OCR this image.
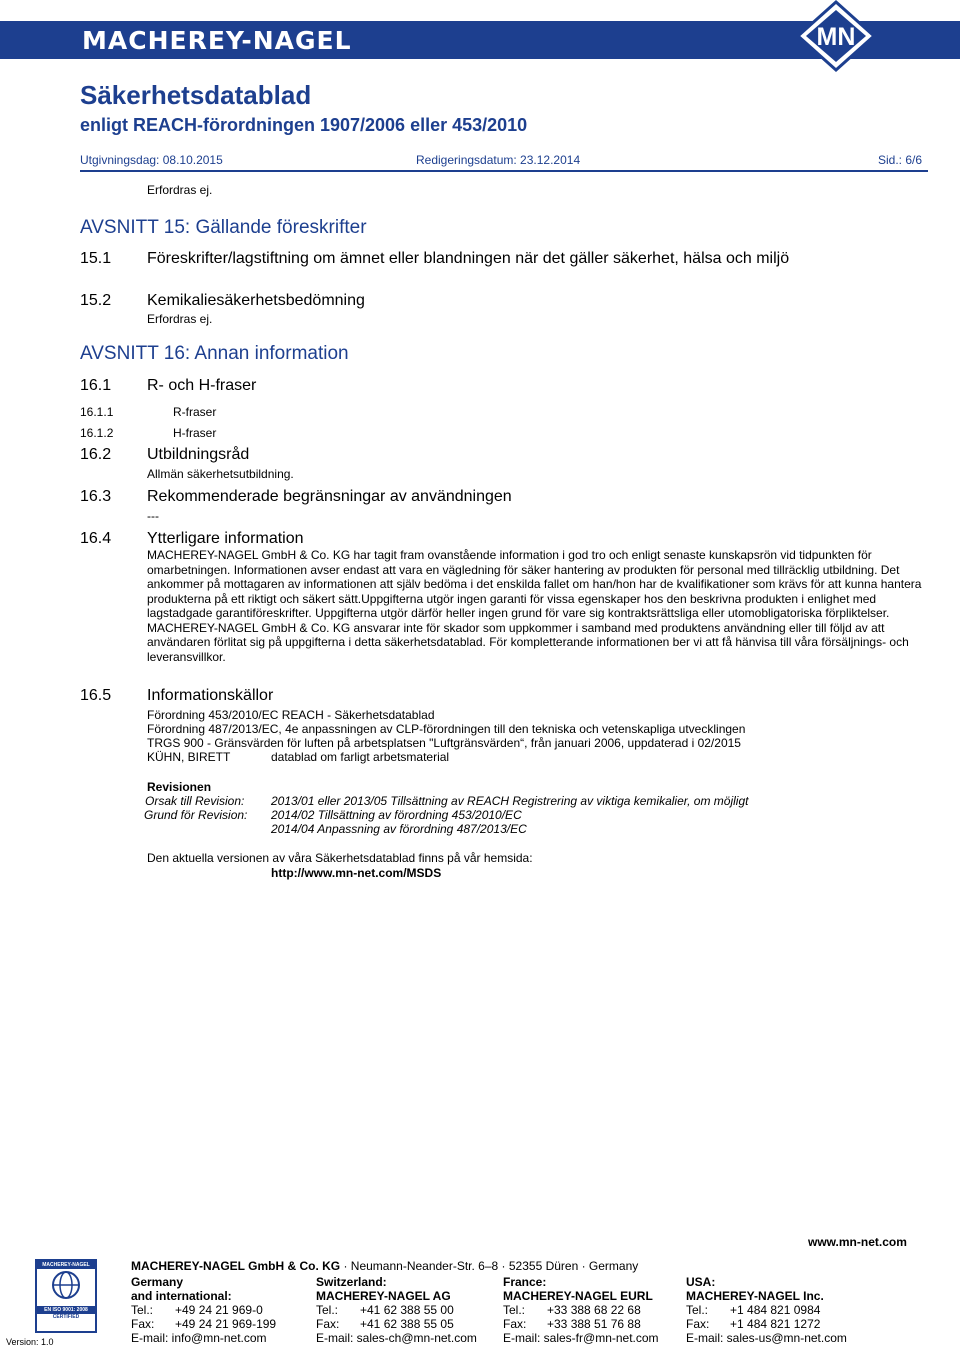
MACHEREY-NAGEL	MN
Säkerhetsdatablad
enligt REACH-förordningen 1907/2006 eller 453/2010
Utgivningsdag: 08.10.2015	Redigeringsdatum: 23.12.2014	Sid.: 6/6
Erfordras ej.
AVSNITT 15: Gällande föreskrifter
15.1 Föreskrifter/lagstiftning om ämnet eller blandningen när det gäller säkerhet, hälsa och miljö
15.2 Kemikaliesäkerhetsbedömning
Erfordras ej.
AVSNITT 16: Annan information
16.1 R- och H-fraser
16.1.1	R-fraser
16.1.2	H-fraser
16.2 Utbildningsråd
Allmän säkerhetsutbildning.
16.3 Rekommenderade begränsningar av användningen
---
16.4 Ytterligare information
MACHEREY-NAGEL GmbH & Co. KG har tagit fram ovanstående information i god tro och enligt senaste kunskapsrön vid tidpunkten för omarbetningen. Informationen avser endast att vara en vägledning för säker hantering av produkten för personal med tillräcklig utbildning. Det ankommer på mottagaren av informationen att själv bedöma i det enskilda fallet om han/hon har de kvalifikationer som krävs för att kunna hantera produkterna på ett riktigt och säkert sätt.Uppgifterna utgör ingen garanti för vissa egenskaper hos den beskrivna produkten i enlighet med lagstadgade garantiföreskrifter. Uppgifterna utgör därför heller ingen grund för vare sig kontraktsrättsliga eller utomobligatoriska förpliktelser. MACHEREY-NAGEL GmbH & Co. KG ansvarar inte för skador som uppkommer i samband med produktens användning eller till följd av att användaren förlitat sig på uppgifterna i detta säkerhetsdatablad. För kompletterande informationen ber vi att få hänvisa till våra försäljnings- och leveransvillkor.
16.5 Informationskällor
Förordning 453/2010/EC REACH - Säkerhetsdatablad
Förordning 487/2013/EC, 4e anpassningen av CLP-förordningen till den tekniska och vetenskapliga utvecklingen
TRGS 900 - Gränsvärden för luften på arbetsplatsen "Luftgränsvärden“, från januari 2006, uppdaterad i 02/2015
KÜHN, BIRETT	datablad om farligt arbetsmaterial
Revisionen
Orsak till Revision: 2013/01 eller 2013/05 Tillsättning av REACH Registrering av viktiga kemikalier, om möjligt
Grund för Revision: 2014/02 Tillsättning av förordning 453/2010/EC
2014/04 Anpassning av förordning 487/2013/EC
Den aktuella versionen av våra Säkerhetsdatablad finns på vår hemsida:
http://www.mn-net.com/MSDS
www.mn-net.com
MACHEREY-NAGEL GmbH & Co. KG · Neumann-Neander-Str. 6–8 · 52355 Düren · Germany
MACHEREY-NAGEL
EN ISO 9001: 2008
CERTIFIED
Version: 1.0
Germany
and international:
Tel.: +49 24 21 969-0
Fax: +49 24 21 969-199
E-mail: info@mn-net.com
Switzerland:
MACHEREY-NAGEL AG
Tel.: +41 62 388 55 00
Fax: +41 62 388 55 05
E-mail: sales-ch@mn-net.com
France:
MACHEREY-NAGEL EURL
Tel.: +33 388 68 22 68
Fax: +33 388 51 76 88
E-mail: sales-fr@mn-net.com
USA:
MACHEREY-NAGEL Inc.
Tel.: +1 484 821 0984
Fax: +1 484 821 1272
E-mail: sales-us@mn-net.com
